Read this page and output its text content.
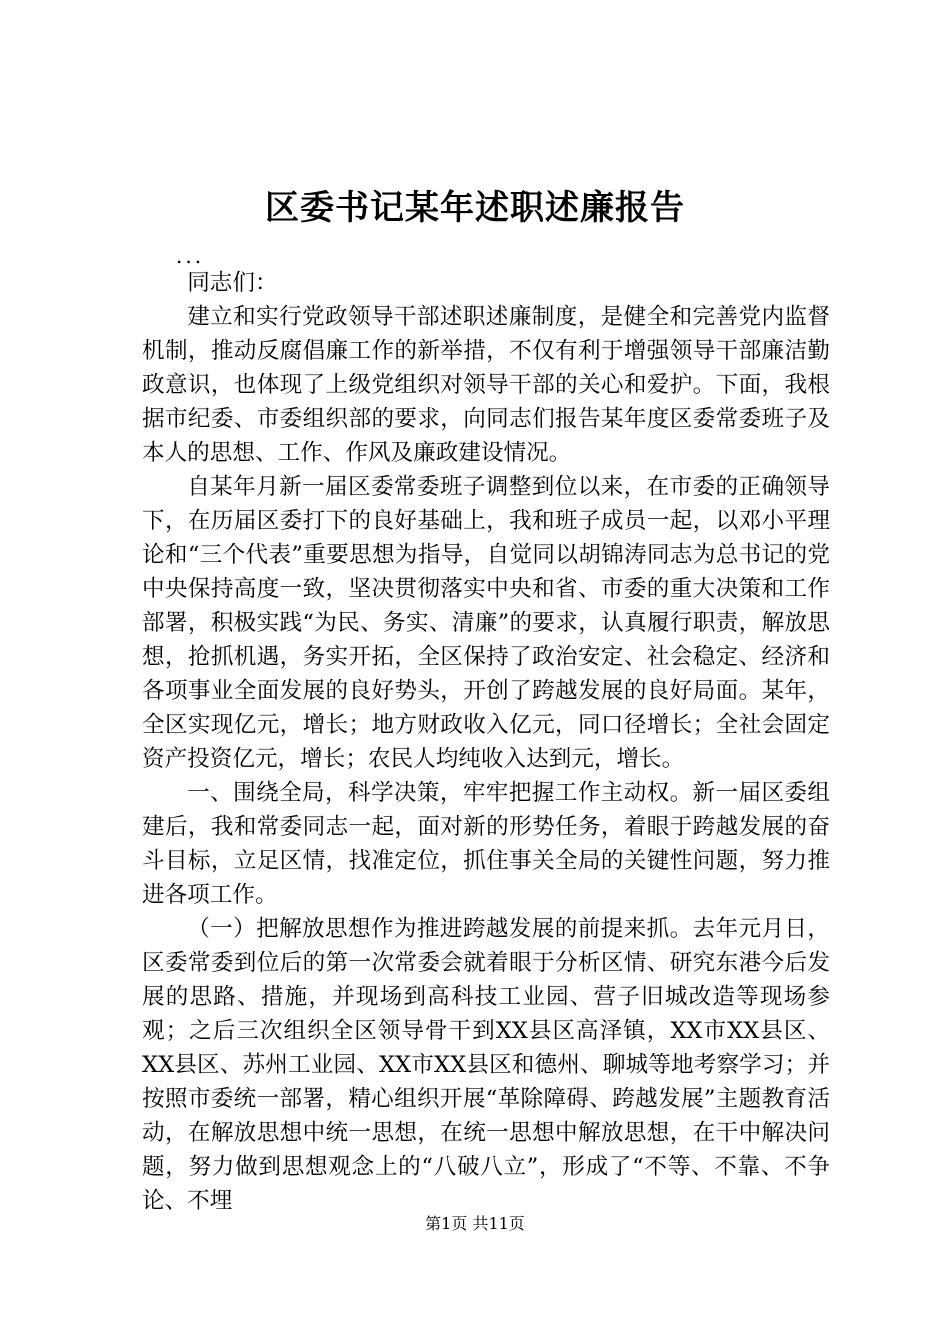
区委书记某年述职述廉报告
...

同志们：

建立和实行党政领导干部述职述廉制度，是健全和完善党内监督机制，推动反腐倡廉工作的新举措，不仅有利于增强领导干部廉洁勤政意识，也体现了上级党组织对领导干部的关心和爱护。下面，我根据市纪委、市委组织部的要求，向同志们报告某年度区委常委班子及本人的思想、工作、作风及廉政建设情况。

自某年月新一届区委常委班子调整到位以来，在市委的正确领导下，在历届区委打下的良好基础上，我和班子成员一起，以邓小平理论和“三个代表”重要思想为指导，自觉同以胡锦涛同志为总书记的党中央保持高度一致，坚决贯彻落实中央和省、市委的重大决策和工作部署，积极实践“为民、务实、清廉”的要求，认真履行职责，解放思想，抢抓机遇，务实开拓，全区保持了政治安定、社会稳定、经济和各项事业全面发展的良好势头，开创了跨越发展的良好局面。某年，全区实现亿元，增长；地方财政收入亿元，同口径增长；全社会固定资产投资亿元，增长；农民人均纯收入达到元，增长。

一、围绕全局，科学决策，牢牢把握工作主动权。新一届区委组建后，我和常委同志一起，面对新的形势任务，着眼于跨越发展的奋斗目标，立足区情，找准定位，抓住事关全局的关键性问题，努力推进各项工作。

（一）把解放思想作为推进跨越发展的前提来抓。去年元月日，区委常委到位后的第一次常委会就着眼于分析区情、研究东港今后发展的思路、措施，并现场到高科技工业园、营子旧城改造等现场参观；之后三次组织全区领导骨干到XX县区高泽镇，XX市XX县区、XX县区、苏州工业园、XX市XX县区和德州、聊城等地考察学习；并按照市委统一部署，精心组织开展“革除障碍、跨越发展”主题教育活动，在解放思想中统一思想，在统一思想中解放思想，在干中解决问题，努力做到思想观念上的“八破八立”，形成了“不等、不靠、不争论、不埋

第1页 共11页
